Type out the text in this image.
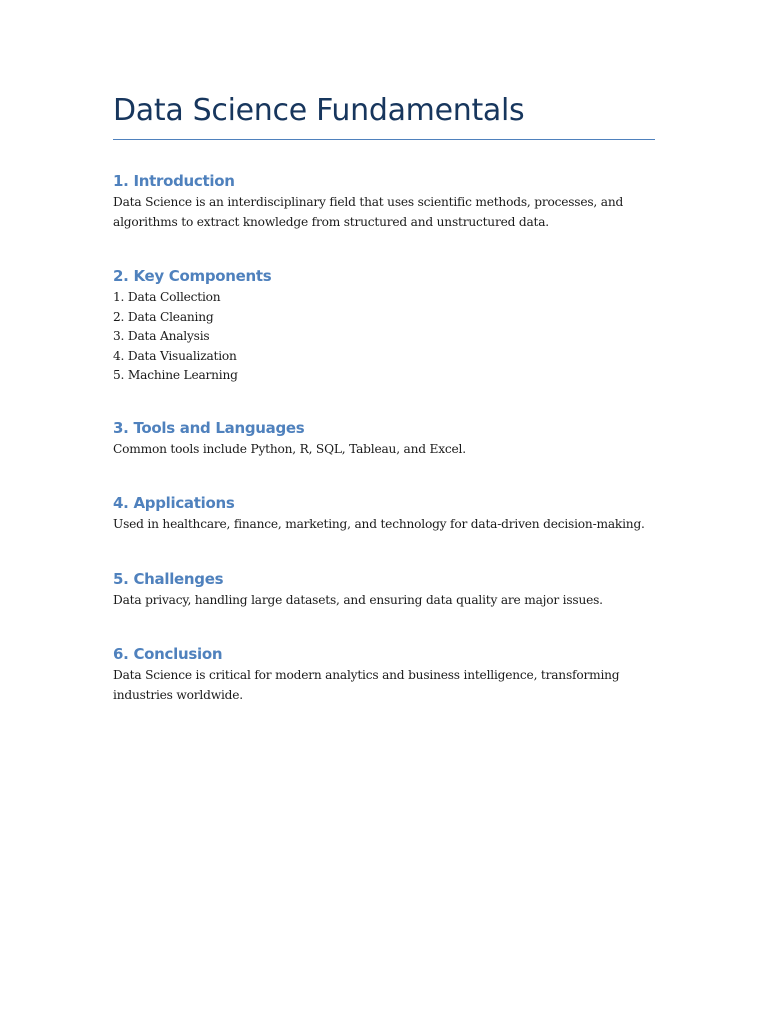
Data Science Fundamentals
1. Introduction

Data Science is an interdisciplinary field that uses scientific methods, processes, and algorithms to extract knowledge from structured and unstructured data.

2. Key Components
1. Data Collection
2. Data Cleaning
3. Data Analysis
4. Data Visualization
5. Machine Learning
3. Tools and Languages

Common tools include Python, R, SQL, Tableau, and Excel.

4. Applications

Used in healthcare, finance, marketing, and technology for data-driven decision-making.

5. Challenges

Data privacy, handling large datasets, and ensuring data quality are major issues.

6. Conclusion

Data Science is critical for modern analytics and business intelligence, transforming industries worldwide.
